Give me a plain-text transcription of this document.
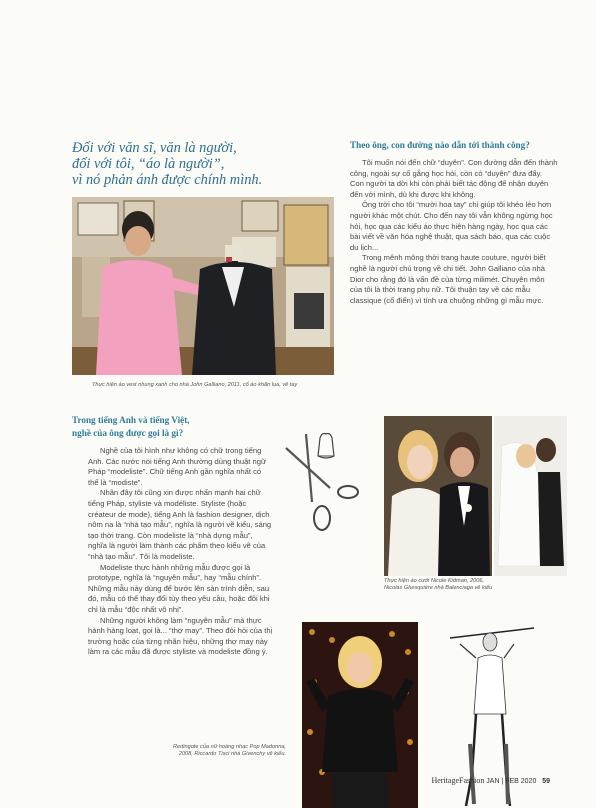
Đối với văn sĩ, văn là người,
đối với tôi, “áo là người”,
vì nó phản ánh được chính mình.
Theo ông, con đường nào dẫn tới thành công?

Tôi muốn nói đến chữ “duyên”. Con đường dẫn đến thành công, ngoài sự cố gắng học hỏi, còn có “duyên” đưa đẩy. Con người ta dời khi còn phải biết tác động để nhận duyên đến với mình, dù khi được khi không.

Ông trời cho tôi “mười hoa tay” chỉ giúp tôi khéo léo hơn người khác một chút. Cho đến nay tôi vẫn không ngừng học hỏi, học qua các kiểu áo thực hiện hàng ngày, học qua các bài viết về văn hóa nghệ thuật, qua sách báo, qua các cuộc du lịch...

Trong mênh mông thời trang haute couture, người biết nghề là người chú trọng về chi tiết. John Galliano của nhà Dior cho rằng đó là vấn đề của từng milimét. Chuyên môn của tôi là thời trang phụ nữ. Tôi thuận tay về các mẫu classique (cổ điển) vì tính ưa chuộng những gì mẫu mực.

Thực hiện áo vest nhung xanh cho nhà John Galliano, 2011, cổ áo khăn lụa, vẽ tay
Trong tiếng Anh và tiếng Việt,
nghề của ông được gọi là gì?

Nghề của tôi hình như không có chữ trong tiếng Anh. Các nước nói tiếng Anh thường dùng thuật ngữ Pháp “modeliste”. Chữ tiếng Anh gần nghĩa nhất có thể là “modiste”.

Nhân đây tôi cũng xin được nhấn mạnh hai chữ tiếng Pháp, styliste và modéliste. Styliste (hoặc créateur de mode), tiếng Anh là fashion designer, dịch nôm na là “nhà tạo mẫu”, nghĩa là người vẽ kiểu, sáng tạo thời trang. Còn modeliste là “nhà dựng mẫu”, nghĩa là người làm thành các phẩm theo kiểu vẽ của “nhà tạo mẫu”. Tôi là modeliste.

Modeliste thực hành những mẫu được gọi là prototype, nghĩa là “nguyên mẫu”, hay “mẫu chính”. Những mẫu này dùng để bước lên sàn trình diễn, sau đó, mẫu có thể thay đổi tùy theo yêu cầu, hoặc đôi khi chỉ là mẫu “độc nhất vô nhị”.

Những người không làm “nguyên mẫu” mà thực hành hàng loạt, gọi là... “thợ may”. Theo đòi hỏi của thị trường hoặc của từng nhãn hiệu, những thợ may này làm ra các mẫu đã được styliste và modeliste đồng ý.

Thực hiện áo cưới Nicole Kidman, 2006,
Nicolas Ghesquière nhà Balenciaga vẽ kiểu
Redingote của nữ hoàng nhạc Pop Madonna,
2008, Riccardo Tisci nhà Givenchy vẽ kiểu.
HeritageFashion JAN | FEB 2020 59
